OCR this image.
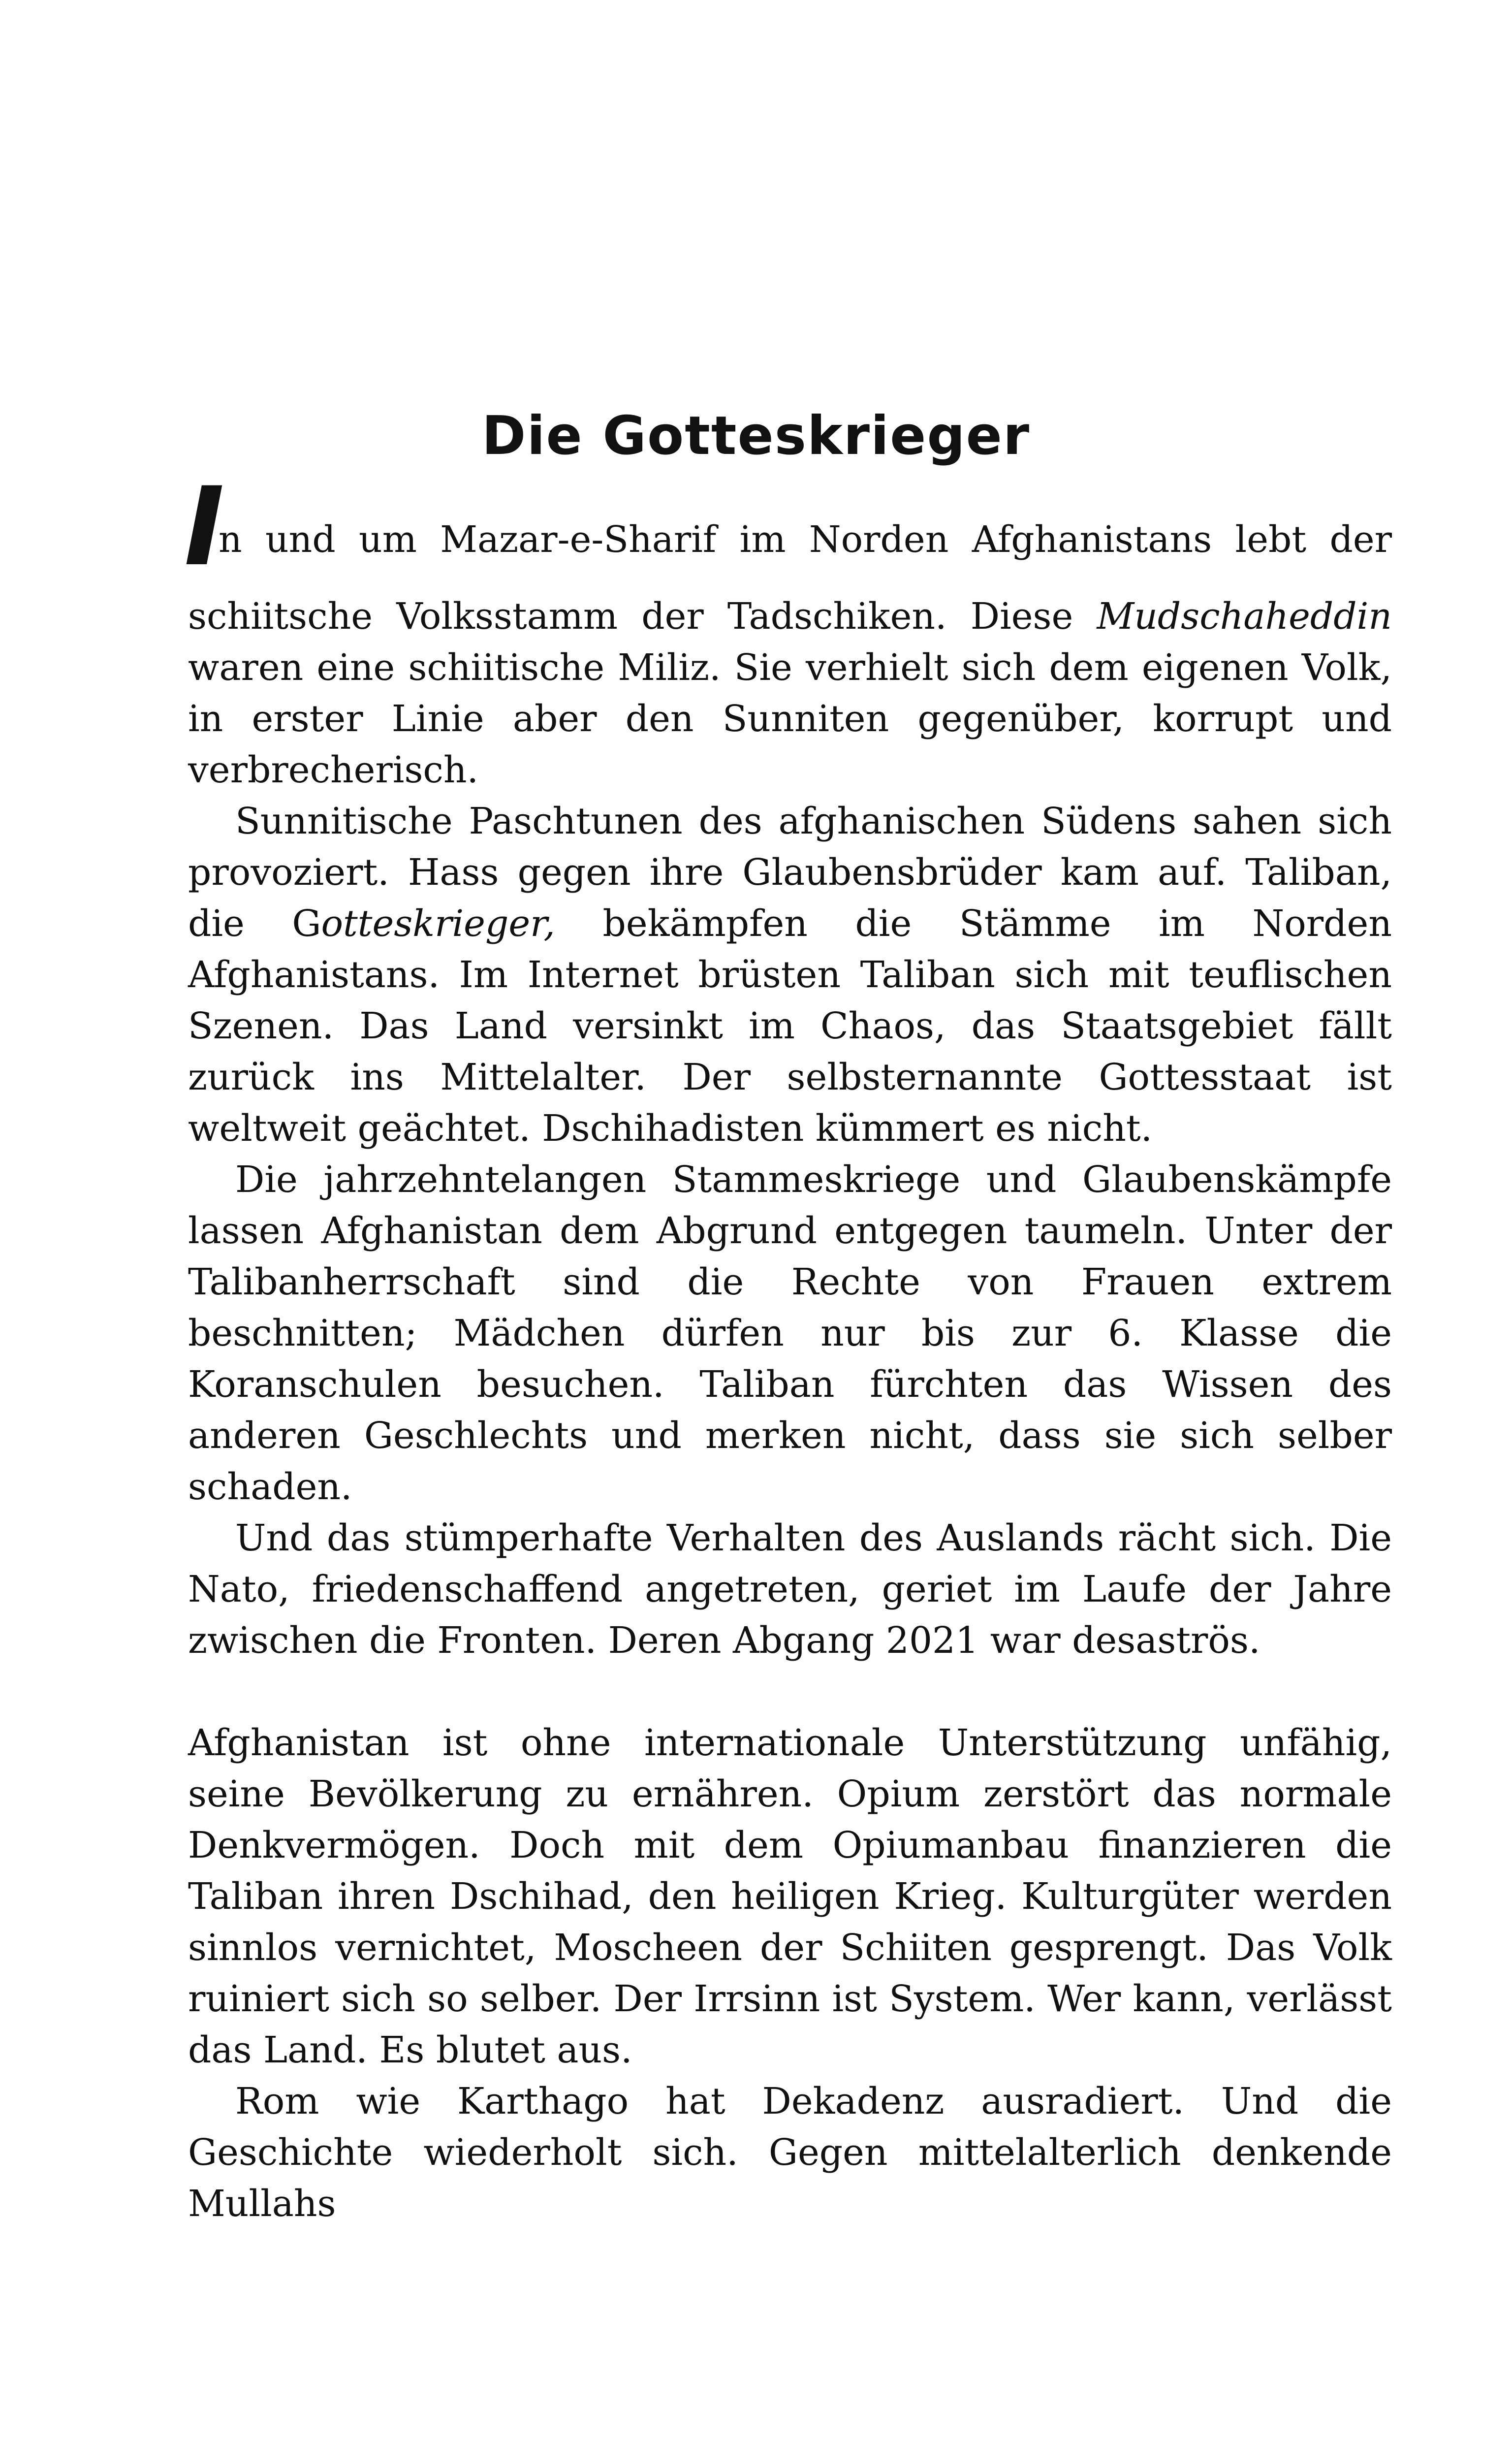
Die Gotteskrieger
I
n und um Mazar-e-Sharif im Norden Afghanistans lebt der

schiitsche Volksstamm der Tadschiken. Diese Mudschaheddin waren eine schiitische Miliz. Sie verhielt sich dem eigenen Volk, in erster Linie aber den Sunniten gegenüber, korrupt und verbrecherisch.

Sunnitische Paschtunen des afghanischen Südens sahen sich provoziert. Hass gegen ihre Glaubensbrüder kam auf. Taliban, die Gotteskrieger, bekämpfen die Stämme im Norden Afghanistans. Im Internet brüsten Taliban sich mit teuflischen Szenen. Das Land versinkt im Chaos, das Staatsgebiet fällt zurück ins Mittelalter. Der selbsternannte Gottesstaat ist weltweit geächtet. Dschihadisten kümmert es nicht.

Die jahrzehntelangen Stammeskriege und Glaubenskämpfe lassen Afghanistan dem Abgrund entgegen taumeln. Unter der Talibanherrschaft sind die Rechte von Frauen extrem beschnitten; Mädchen dürfen nur bis zur 6. Klasse die Koranschulen besuchen. Taliban fürchten das Wissen des anderen Geschlechts und merken nicht, dass sie sich selber schaden.

Und das stümperhafte Verhalten des Auslands rächt sich. Die Nato, friedenschaffend angetreten, geriet im Laufe der Jahre zwischen die Fronten. Deren Abgang 2021 war desaströs.

Afghanistan ist ohne internationale Unterstützung unfähig, seine Bevölkerung zu ernähren. Opium zerstört das normale Denkvermögen. Doch mit dem Opiumanbau finanzieren die Taliban ihren Dschihad, den heiligen Krieg. Kulturgüter werden sinnlos vernichtet, Moscheen der Schiiten gesprengt. Das Volk ruiniert sich so selber. Der Irrsinn ist System. Wer kann, verlässt das Land. Es blutet aus.

Rom wie Karthago hat Dekadenz ausradiert. Und die Geschichte wiederholt sich. Gegen mittelalterlich denkende Mullahs
